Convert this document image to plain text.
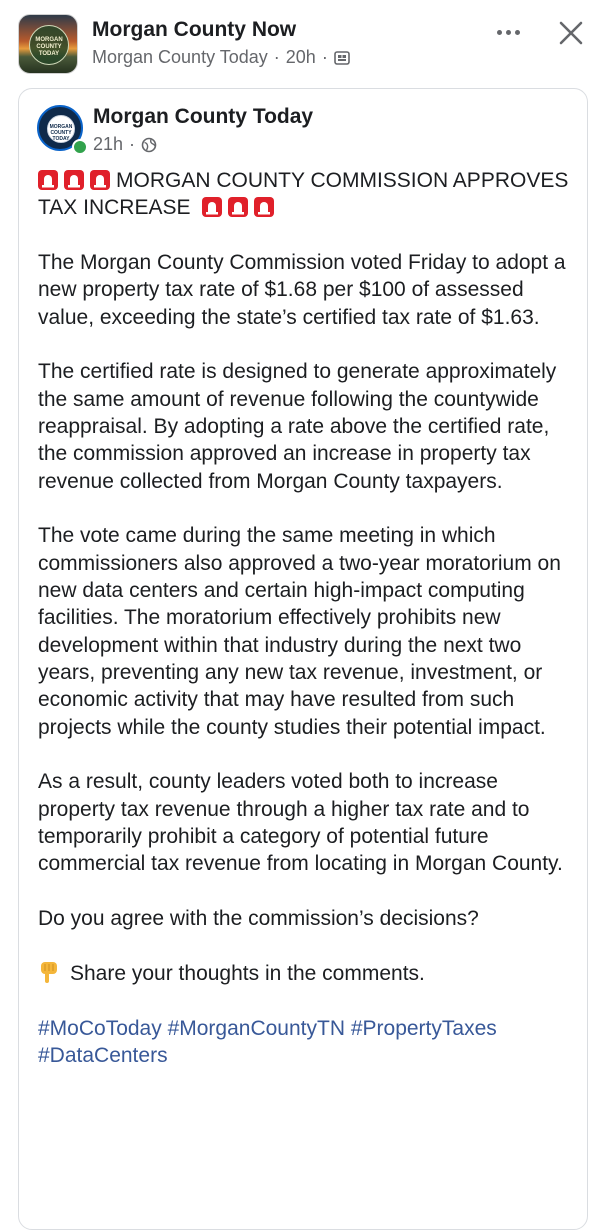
MORGAN COUNTY TODAY
Morgan County Now
Morgan County Today · 20h ·
MORGAN COUNTY TODAY
Morgan County Today
21h ·

MORGAN COUNTY COMMISSION APPROVES TAX INCREASE

The Morgan County Commission voted Friday to adopt a new property tax rate of $1.68 per $100 of assessed value, exceeding the state’s certified tax rate of $1.63.

The certified rate is designed to generate approximately the same amount of revenue following the countywide reappraisal. By adopting a rate above the certified rate, the commission approved an increase in property tax revenue collected from Morgan County taxpayers.

The vote came during the same meeting in which commissioners also approved a two-year moratorium on new data centers and certain high-impact computing facilities. The moratorium effectively prohibits new development within that industry during the next two years, preventing any new tax revenue, investment, or economic activity that may have resulted from such projects while the county studies their potential impact.

As a result, county leaders voted both to increase property tax revenue through a higher tax rate and to temporarily prohibit a category of potential future commercial tax revenue from locating in Morgan County.

Do you agree with the commission’s decisions?

Share your thoughts in the comments.

#MoCoToday #MorganCountyTN #PropertyTaxes #DataCenters
